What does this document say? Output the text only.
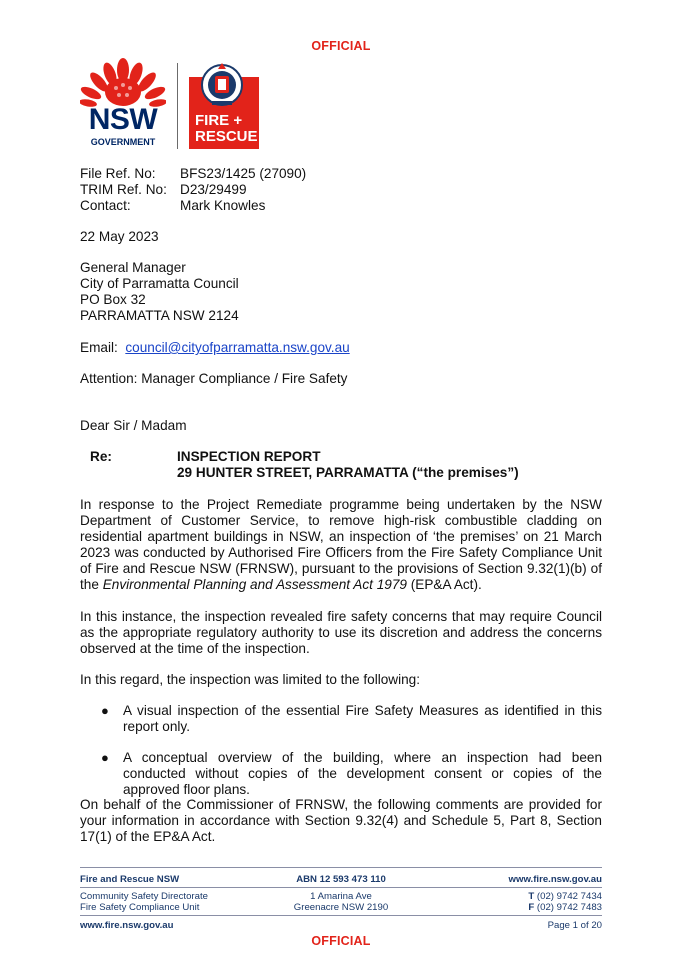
OFFICIAL
NSW
GOVERNMENT
FIRE +
RESCUE
File Ref. No:	BFS23/1425 (27090)
TRIM Ref. No: D23/29499
Contact:	Mark Knowles
22 May 2023
General Manager
City of Parramatta Council
PO Box 32
PARRAMATTA NSW 2124
Email: council@cityofparramatta.nsw.gov.au
Attention: Manager Compliance / Fire Safety
Dear Sir / Madam
Re:	INSPECTION REPORT
29 HUNTER STREET, PARRAMATTA (“the premises”)
In response to the Project Remediate programme being undertaken by the NSW Department of Customer Service, to remove high-risk combustible cladding on residential apartment buildings in NSW, an inspection of ‘the premises’ on 21 March 2023 was conducted by Authorised Fire Officers from the Fire Safety Compliance Unit of Fire and Rescue NSW (FRNSW), pursuant to the provisions of Section 9.32(1)(b) of the Environmental Planning and Assessment Act 1979 (EP&A Act).
In this instance, the inspection revealed fire safety concerns that may require Council as the appropriate regulatory authority to use its discretion and address the concerns observed at the time of the inspection.
In this regard, the inspection was limited to the following:
● A visual inspection of the essential Fire Safety Measures as identified in this report only.
● A conceptual overview of the building, where an inspection had been conducted without copies of the development consent or copies of the approved floor plans.
On behalf of the Commissioner of FRNSW, the following comments are provided for your information in accordance with Section 9.32(4) and Schedule 5, Part 8, Section 17(1) of the EP&A Act.
Fire and Rescue NSW	ABN 12 593 473 110	www.fire.nsw.gov.au
Community Safety Directorate
Fire Safety Compliance Unit
1 Amarina Ave
Greenacre NSW 2190
T (02) 9742 7434
F (02) 9742 7483
www.fire.nsw.gov.au	Page 1 of 20
OFFICIAL
